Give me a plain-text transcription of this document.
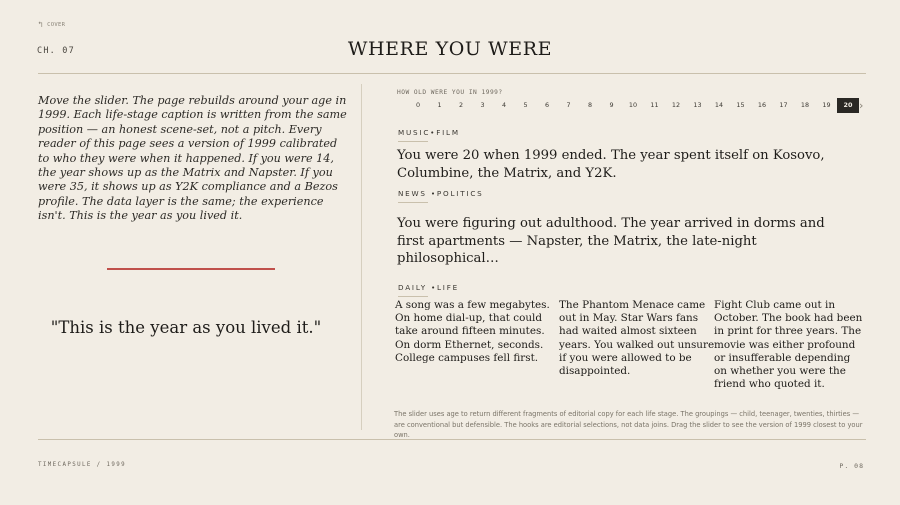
↰ COVER
CH. 07	WHERE YOU WERE

Move the slider. The page rebuilds around your age in 1999. Each life-stage caption is written from the same position — an honest scene-set, not a pitch. Every reader of this page sees a version of 1999 calibrated to who they were when it happened. If you were 14, the year shows up as the Matrix and Napster. If you were 35, it shows up as Y2K compliance and a Bezos profile. The data layer is the same; the experience isn't. This is the year as you lived it.

"This is the year as you lived it."

HOW OLD WERE YOU IN 1999?
0	1	2	3	4	5	6	7	8	9	10	11	12	13	14	15	16	17	18	19	20 ›
MUSIC•FILM

You were 20 when 1999 ended. The year spent itself on Kosovo, Columbine, the Matrix, and Y2K.

NEWS •POLITICS

You were figuring out adulthood. The year arrived in dorms and first apartments — Napster, the Matrix, the late-night philosophical…

DAILY •LIFE

A song was a few megabytes. On home dial-up, that could take around fifteen minutes. On dorm Ethernet, seconds. College campuses fell first.

The Phantom Menace came out in May. Star Wars fans had waited almost sixteen years. You walked out unsure if you were allowed to be disappointed.

Fight Club came out in October. The book had been in print for three years. The movie was either profound or insufferable depending on whether you were the friend who quoted it.

The slider uses age to return different fragments of editorial copy for each life stage. The groupings — child, teenager, twenties, thirties — are conventional but defensible. The hooks are editorial selections, not data joins. Drag the slider to see the version of 1999 closest to your own.

TIMECAPSULE / 1999	P. 08
